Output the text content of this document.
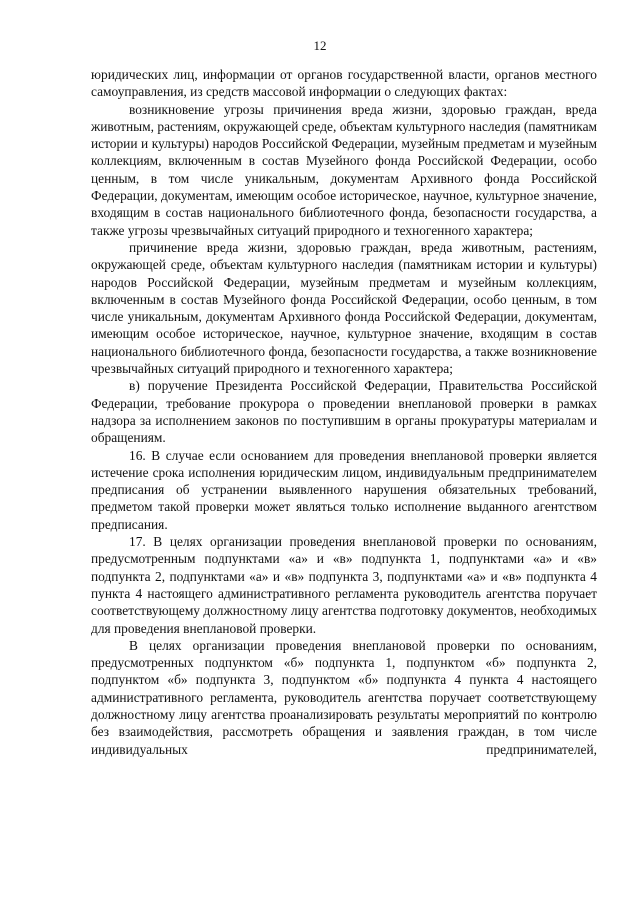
12

юридических лиц, информации от органов государственной власти, органов местного самоуправления, из средств массовой информации о следующих фактах:

возникновение угрозы причинения вреда жизни, здоровью граждан, вреда животным, растениям, окружающей среде, объектам культурного наследия (памятникам истории и культуры) народов Российской Федерации, музейным предметам и музейным коллекциям, включенным в состав Музейного фонда Российской Федерации, особо ценным, в том числе уникальным, документам Архивного фонда Российской Федерации, документам, имеющим особое историческое, научное, культурное значение, входящим в состав национального библиотечного фонда, безопасности государства, а также угрозы чрезвычайных ситуаций природного и техногенного характера;

причинение вреда жизни, здоровью граждан, вреда животным, растениям, окружающей среде, объектам культурного наследия (памятникам истории и культуры) народов Российской Федерации, музейным предметам и музейным коллекциям, включенным в состав Музейного фонда Российской Федерации, особо ценным, в том числе уникальным, документам Архивного фонда Российской Федерации, документам, имеющим особое историческое, научное, культурное значение, входящим в состав национального библиотечного фонда, безопасности государства, а также возникновение чрезвычайных ситуаций природного и техногенного характера;

в) поручение Президента Российской Федерации, Правительства Российской Федерации, требование прокурора о проведении внеплановой проверки в рамках надзора за исполнением законов по поступившим в органы прокуратуры материалам и обращениям.

16. В случае если основанием для проведения внеплановой проверки является истечение срока исполнения юридическим лицом, индивидуальным предпринимателем предписания об устранении выявленного нарушения обязательных требований, предметом такой проверки может являться только исполнение выданного агентством предписания.

17. В целях организации проведения внеплановой проверки по основаниям, предусмотренным подпунктами «а» и «в» подпункта 1, подпунктами «а» и «в» подпункта 2, подпунктами «а» и «в» подпункта 3, подпунктами «а» и «в» подпункта 4 пункта 4 настоящего административного регламента руководитель агентства поручает соответствующему должностному лицу агентства подготовку документов, необходимых для проведения внеплановой проверки.

В целях организации проведения внеплановой проверки по основаниям, предусмотренных подпунктом «б» подпункта 1, подпунктом «б» подпункта 2, подпунктом «б» подпункта 3, подпунктом «б» подпункта 4 пункта 4 настоящего административного регламента, руководитель агентства поручает соответствующему должностному лицу агентства проанализировать результаты мероприятий по контролю без взаимодействия, рассмотреть обращения и заявления граждан, в том числе индивидуальных предпринимателей,
